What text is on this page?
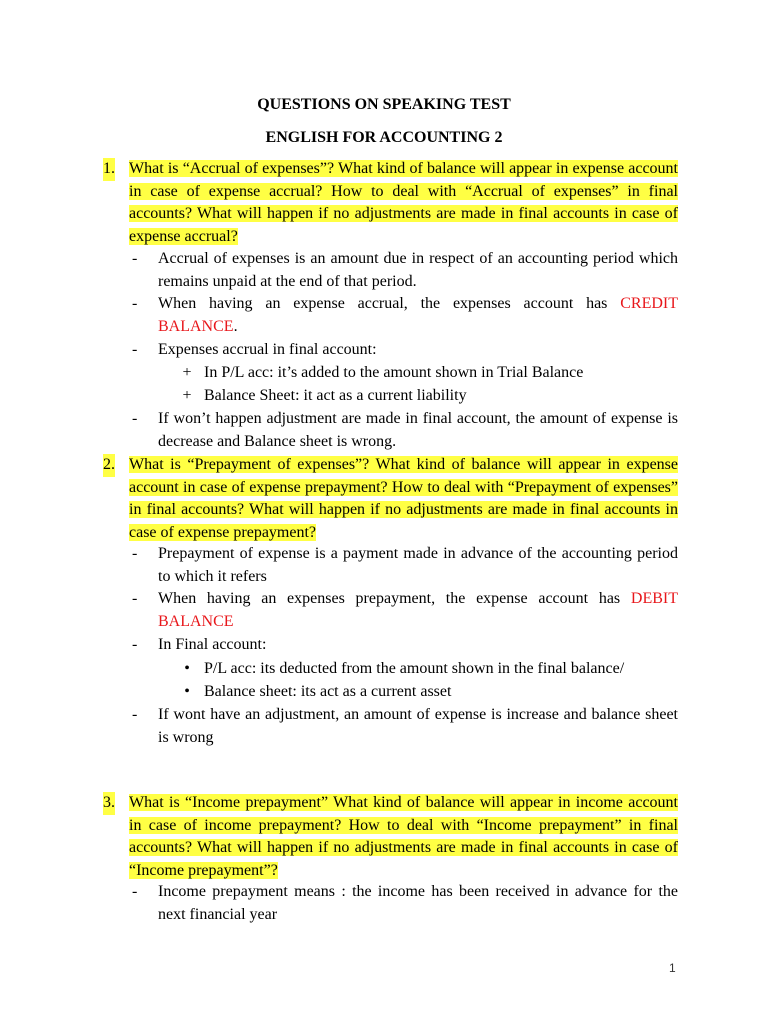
QUESTIONS ON SPEAKING TEST
ENGLISH FOR ACCOUNTING 2
1. What is “Accrual of expenses”? What kind of balance will appear in expense account in case of expense accrual? How to deal with “Accrual of expenses” in final accounts? What will happen if no adjustments are made in final accounts in case of expense accrual?
-	Accrual of expenses is an amount due in respect of an accounting period which remains unpaid at the end of that period.
-	When having an expense accrual, the expenses account has CREDIT BALANCE.
-	Expenses accrual in final account:
+ In P/L acc: it’s added to the amount shown in Trial Balance
+ Balance Sheet: it act as a current liability
-	If won’t happen adjustment are made in final account, the amount of expense is decrease and Balance sheet is wrong.
2. What is “Prepayment of expenses”? What kind of balance will appear in expense account in case of expense prepayment? How to deal with “Prepayment of expenses” in final accounts? What will happen if no adjustments are made in final accounts in case of expense prepayment?
-	Prepayment of expense is a payment made in advance of the accounting period to which it refers
-	When having an expenses prepayment, the expense account has DEBIT BALANCE
-	In Final account:
• P/L acc: its deducted from the amount shown in the final balance/
• Balance sheet: its act as a current asset
-	If wont have an adjustment, an amount of expense is increase and balance sheet is wrong
3. What is “Income prepayment” What kind of balance will appear in income account in case of income prepayment? How to deal with “Income prepayment” in final accounts? What will happen if no adjustments are made in final accounts in case of “Income prepayment”?
-	Income prepayment means : the income has been received in advance for the next financial year
1
